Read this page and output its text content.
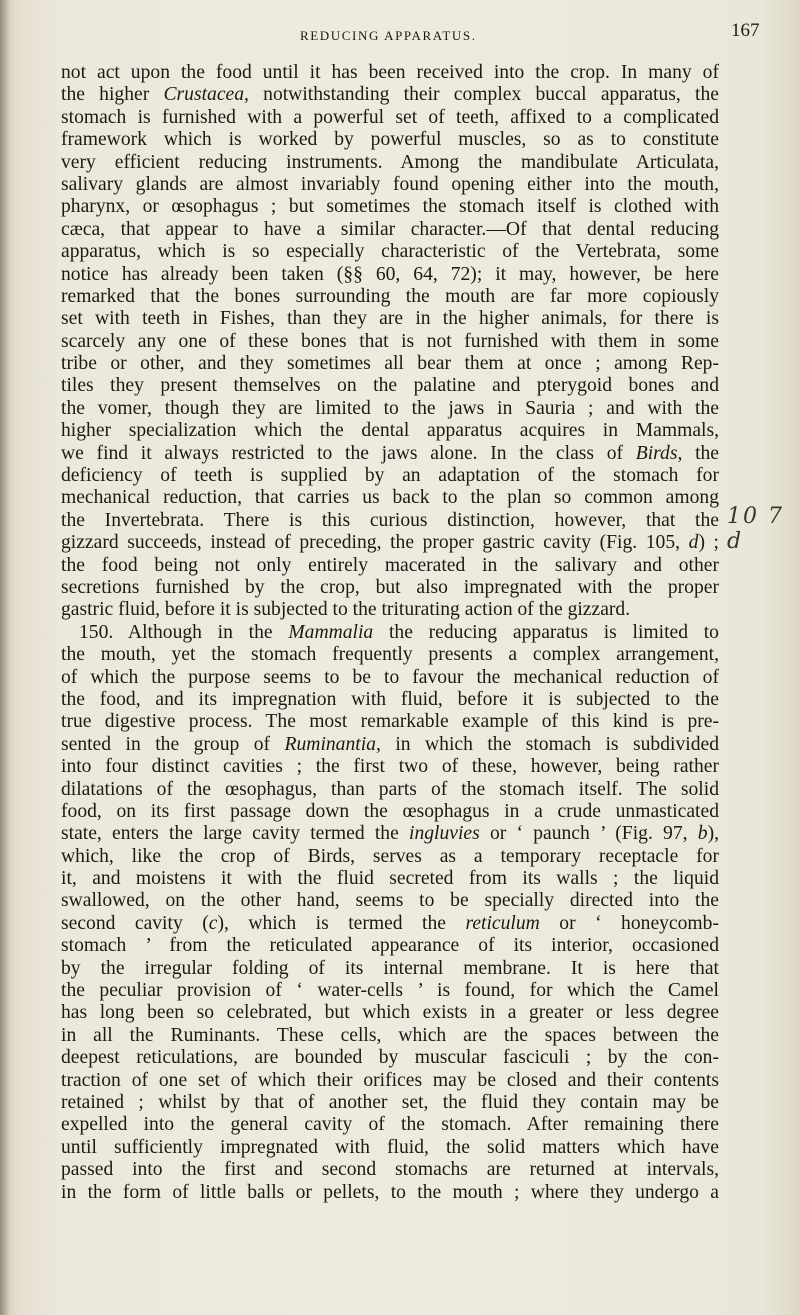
REDUCING APPARATUS.	167
not act upon the food until it has been received into the crop. In many of
the higher Crustacea, notwithstanding their complex buccal apparatus, the
stomach is furnished with a powerful set of teeth, affixed to a complicated
framework which is worked by powerful muscles, so as to constitute
very efficient reducing instruments. Among the mandibulate Articulata,
salivary glands are almost invariably found opening either into the mouth,
pharynx, or œsophagus ; but sometimes the stomach itself is clothed with
cæca, that appear to have a similar character.—Of that dental reducing
apparatus, which is so especially characteristic of the Vertebrata, some
notice has already been taken (§§ 60, 64, 72); it may, however, be here
remarked that the bones surrounding the mouth are far more copiously
set with teeth in Fishes, than they are in the higher animals, for there is
scarcely any one of these bones that is not furnished with them in some
tribe or other, and they sometimes all bear them at once ; among Rep-
tiles they present themselves on the palatine and pterygoid bones and
the vomer, though they are limited to the jaws in Sauria ; and with the
higher specialization which the dental apparatus acquires in Mammals,
we find it always restricted to the jaws alone. In the class of Birds, the
deficiency of teeth is supplied by an adaptation of the stomach for
mechanical reduction, that carries us back to the plan so common among
the Invertebrata. There is this curious distinction, however, that the
gizzard succeeds, instead of preceding, the proper gastric cavity (Fig. 105, d) ;
the food being not only entirely macerated in the salivary and other
secretions furnished by the crop, but also impregnated with the proper
gastric fluid, before it is subjected to the triturating action of the gizzard.
150. Although in the Mammalia the reducing apparatus is limited to
the mouth, yet the stomach frequently presents a complex arrangement,
of which the purpose seems to be to favour the mechanical reduction of
the food, and its impregnation with fluid, before it is subjected to the
true digestive process. The most remarkable example of this kind is pre-
sented in the group of Ruminantia, in which the stomach is subdivided
into four distinct cavities ; the first two of these, however, being rather
dilatations of the œsophagus, than parts of the stomach itself. The solid
food, on its first passage down the œsophagus in a crude unmasticated
state, enters the large cavity termed the ingluvies or ‘ paunch ’ (Fig. 97, b),
which, like the crop of Birds, serves as a temporary receptacle for
it, and moistens it with the fluid secreted from its walls ; the liquid
swallowed, on the other hand, seems to be specially directed into the
second cavity (c), which is termed the reticulum or ‘ honeycomb-
stomach ’ from the reticulated appearance of its interior, occasioned
by the irregular folding of its internal membrane. It is here that
the peculiar provision of ‘ water-cells ’ is found, for which the Camel
has long been so celebrated, but which exists in a greater or less degree
in all the Ruminants. These cells, which are the spaces between the
deepest reticulations, are bounded by muscular fasciculi ; by the con-
traction of one set of which their orifices may be closed and their contents
retained ; whilst by that of another set, the fluid they contain may be
expelled into the general cavity of the stomach. After remaining there
until sufficiently impregnated with fluid, the solid matters which have
passed into the first and second stomachs are returned at intervals,
in the form of little balls or pellets, to the mouth ; where they undergo a
10 7 d
